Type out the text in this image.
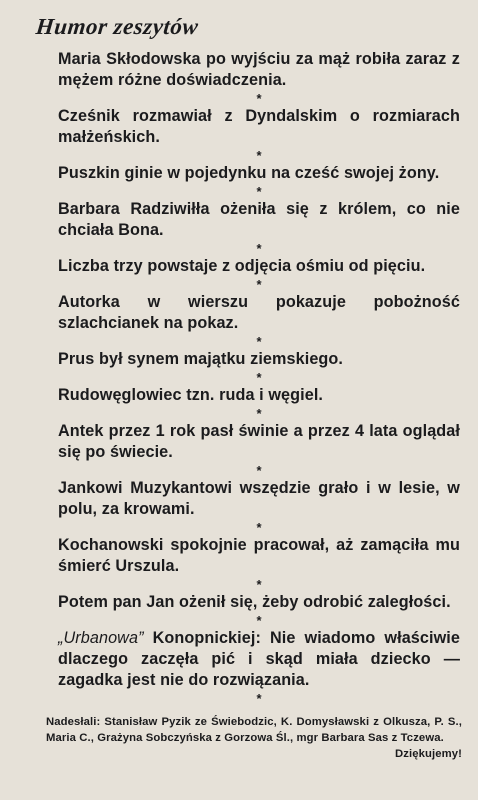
Humor zeszytów

Maria Skłodowska po wyjściu za mąż robiła zaraz z mężem różne doświadczenia.

*

Cześnik rozmawiał z Dyndalskim o rozmiarach małżeńskich.

*

Puszkin ginie w pojedynku na cześć swojej żony.

*

Barbara Radziwiłła ożeniła się z królem, co nie chciała Bona.

*

Liczba trzy powstaje z odjęcia ośmiu od pięciu.

*

Autorka w wierszu pokazuje pobożność szlachcianek na pokaz.

*

Prus był synem majątku ziemskiego.

*

Rudowęglowiec tzn. ruda i węgiel.

*

Antek przez 1 rok pasł świnie a przez 4 lata oglądał się po świecie.

*

Jankowi Muzykantowi wszędzie grało i w lesie, w polu, za krowami.

*

Kochanowski spokojnie pracował, aż zamąciła mu śmierć Urszula.

*

Potem pan Jan ożenił się, żeby odrobić zaległości.

*

„Urbanowa” Konopnickiej: Nie wiadomo właściwie dlaczego zaczęła pić i skąd miała dziecko — zagadka jest nie do rozwiązania.

*
Nadesłali: Stanisław Pyzik ze Świebodzic, K. Domysławski z Olkusza, P. S., Maria C., Grażyna Sobczyńska z Gorzowa Śl., mgr Barbara Sas z Tczewa.
Dziękujemy!
